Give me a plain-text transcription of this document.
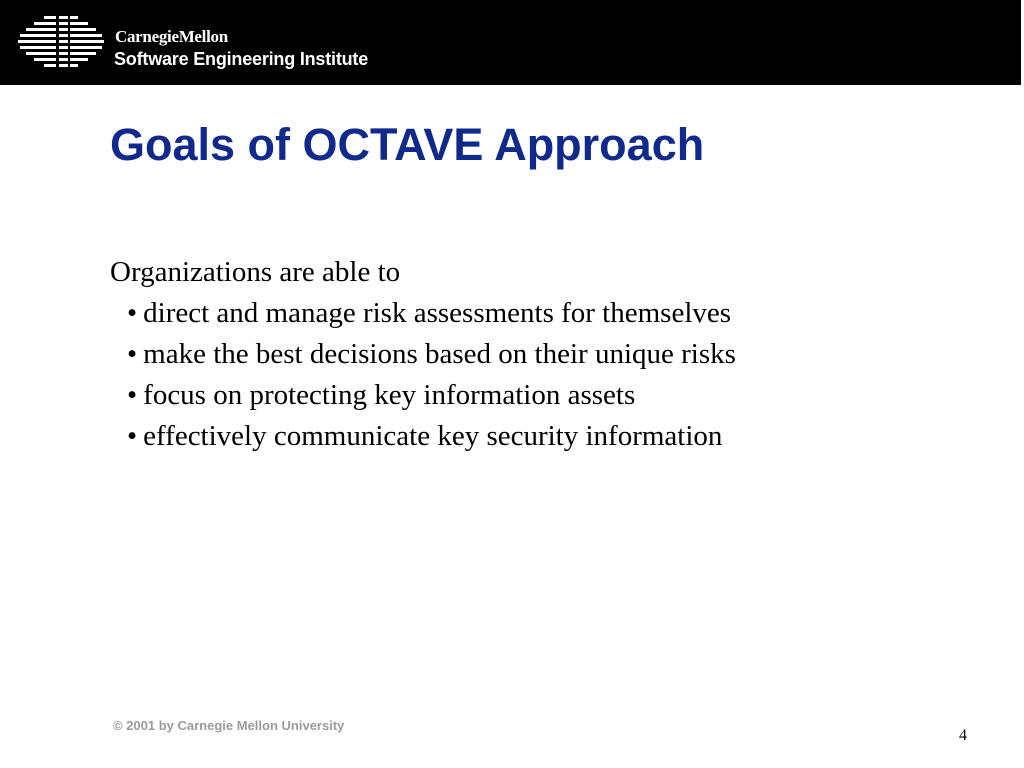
CarnegieMellon
Software Engineering Institute
Goals of OCTAVE Approach
Organizations are able to
• direct and manage risk assessments for themselves
• make the best decisions based on their unique risks
• focus on protecting key information assets
• effectively communicate key security information
© 2001 by Carnegie Mellon University
4
